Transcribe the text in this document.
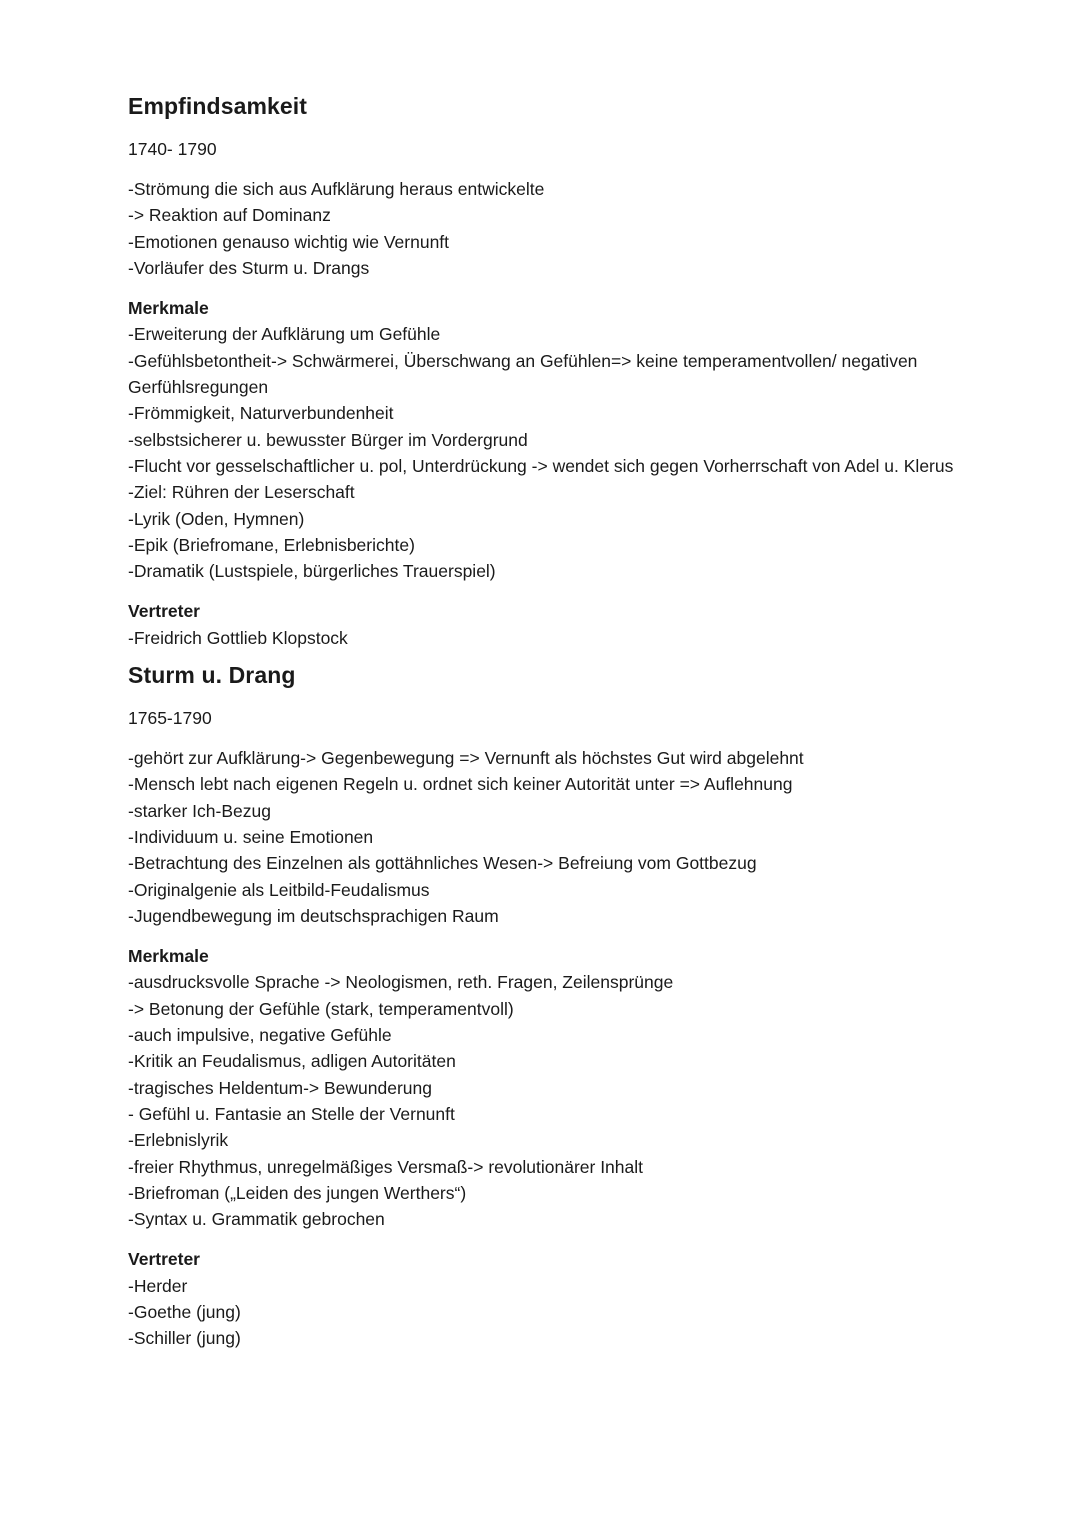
Empfindsamkeit

1740- 1790

-Strömung die sich aus Aufklärung heraus entwickelte
-> Reaktion auf Dominanz
-Emotionen genauso wichtig wie Vernunft
-Vorläufer des Sturm u. Drangs

Merkmale

-Erweiterung der Aufklärung um Gefühle
-Gefühlsbetontheit-> Schwärmerei, Überschwang an Gefühlen=> keine temperamentvollen/ negativen Gerfühlsregungen
-Frömmigkeit, Naturverbundenheit
-selbstsicherer u. bewusster Bürger im Vordergrund
-Flucht vor gesselschaftlicher u. pol, Unterdrückung -> wendet sich gegen Vorherrschaft von Adel u. Klerus
-Ziel: Rühren der Leserschaft
-Lyrik (Oden, Hymnen)
-Epik (Briefromane, Erlebnisberichte)
-Dramatik (Lustspiele, bürgerliches Trauerspiel)

Vertreter

-Freidrich Gottlieb Klopstock
Sturm u. Drang

1765-1790

-gehört zur Aufklärung-> Gegenbewegung => Vernunft als höchstes Gut wird abgelehnt
-Mensch lebt nach eigenen Regeln u. ordnet sich keiner Autorität unter => Auflehnung
-starker Ich-Bezug
-Individuum u. seine Emotionen
-Betrachtung des Einzelnen als gottähnliches Wesen-> Befreiung vom Gottbezug
-Originalgenie als Leitbild-Feudalismus
-Jugendbewegung im deutschsprachigen Raum

Merkmale

-ausdrucksvolle Sprache -> Neologismen, reth. Fragen, Zeilensprünge
-> Betonung der Gefühle (stark, temperamentvoll)
-auch impulsive, negative Gefühle
-Kritik an Feudalismus, adligen Autoritäten
-tragisches Heldentum-> Bewunderung
- Gefühl u. Fantasie an Stelle der Vernunft
-Erlebnislyrik
-freier Rhythmus, unregelmäßiges Versmaß-> revolutionärer Inhalt
-Briefroman („Leiden des jungen Werthers“)
-Syntax u. Grammatik gebrochen

Vertreter

-Herder
-Goethe (jung)
-Schiller (jung)
